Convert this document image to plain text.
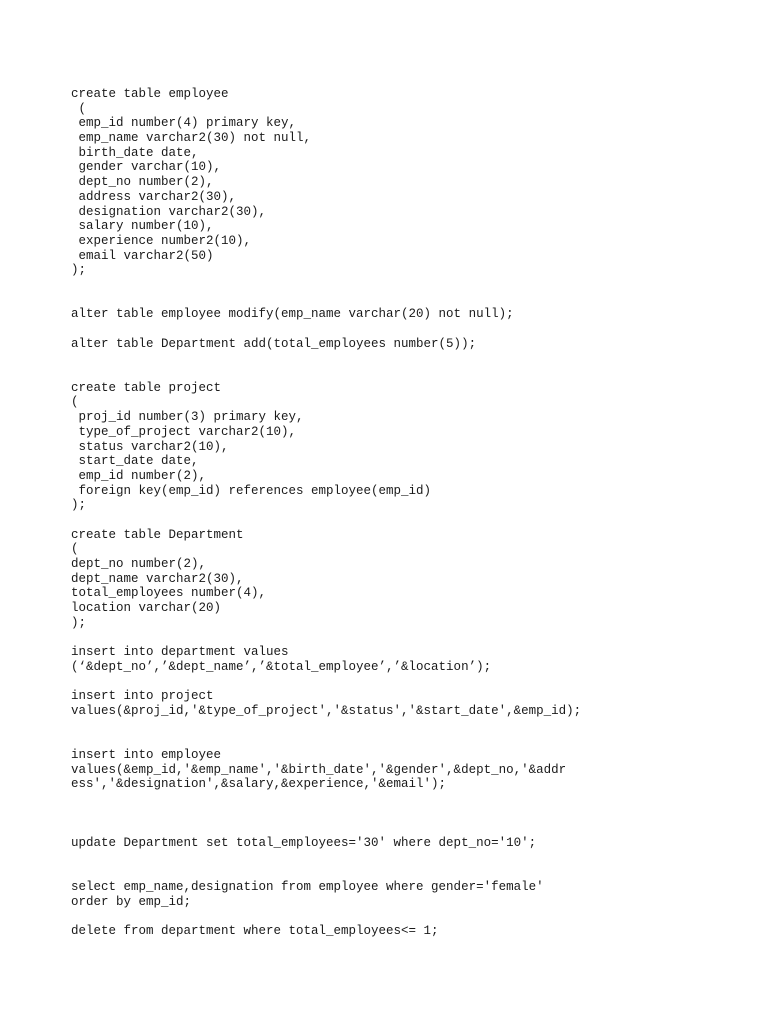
create table employee
(
emp_id number(4) primary key,
emp_name varchar2(30) not null,
birth_date date,
gender varchar(10),
dept_no number(2),
address varchar2(30),
designation varchar2(30),
salary number(10),
experience number2(10),
email varchar2(50)
);
alter table employee modify(emp_name varchar(20) not null);
alter table Department add(total_employees number(5));
create table project
(
proj_id number(3) primary key,
type_of_project varchar2(10),
status varchar2(10),
start_date date,
emp_id number(2),
foreign key(emp_id) references employee(emp_id)
);
create table Department
(
dept_no number(2),
dept_name varchar2(30),
total_employees number(4),
location varchar(20)
);
insert into department values
(‘&dept_no’,’&dept_name’,’&total_employee’,’&location’);
insert into project
values(&proj_id,'&type_of_project','&status','&start_date',&emp_id);
insert into employee
values(&emp_id,'&emp_name','&birth_date','&gender',&dept_no,'&addr
ess','&designation',&salary,&experience,'&email');
update Department set total_employees='30' where dept_no='10';
select emp_name,designation from employee where gender='female'
order by emp_id;
delete from department where total_employees<= 1;
